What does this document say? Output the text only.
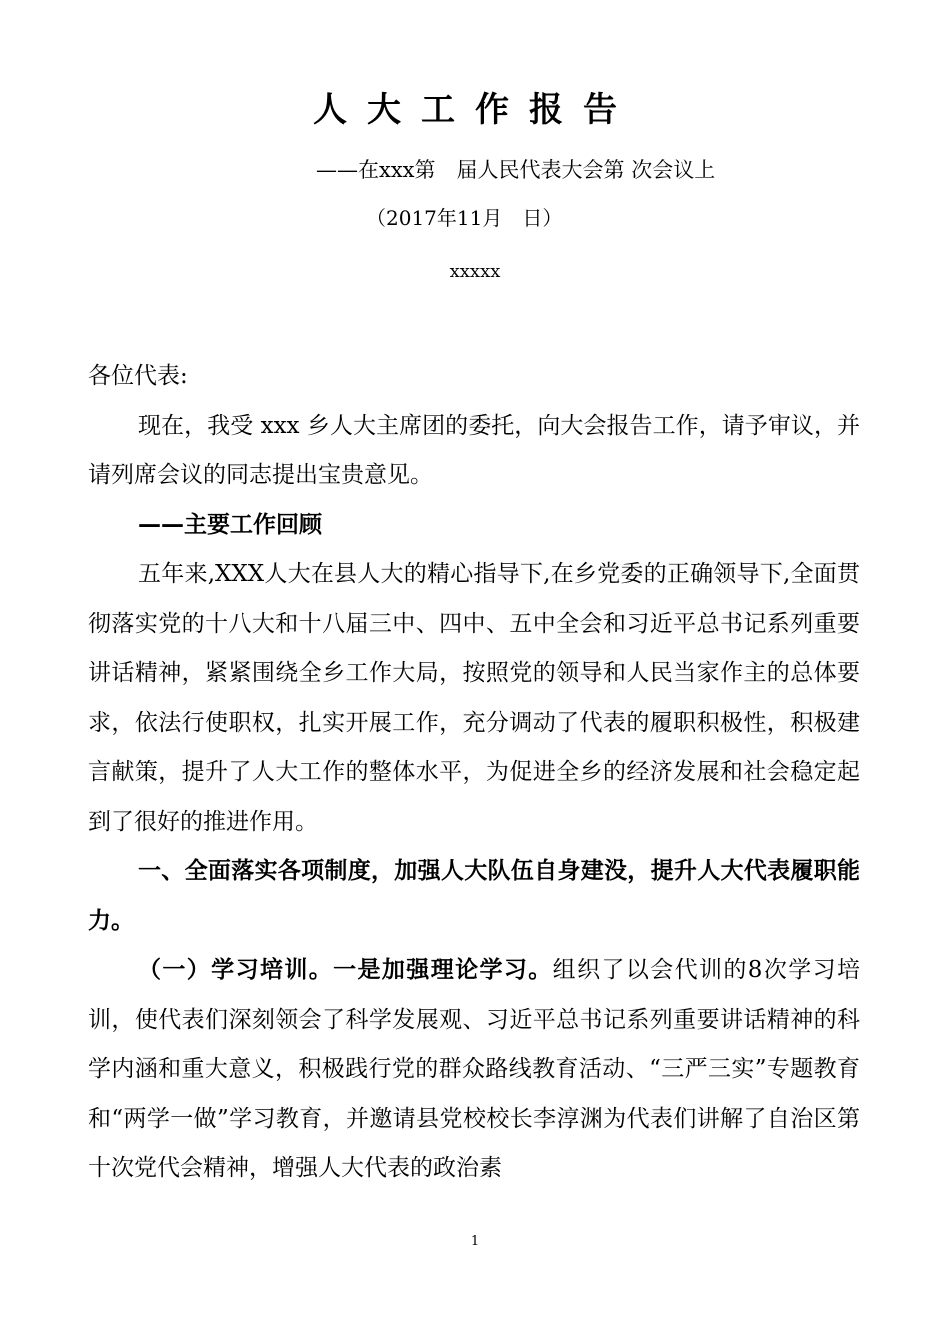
人大工作报告
——在xxx第　届人民代表大会第 次会议上
（2017年11月　日）
xxxxx

各位代表:

现在，我受 xxx 乡人大主席团的委托，向大会报告工作，请予审议，并请列席会议的同志提出宝贵意见。

——主要工作回顾

五年来,XXX人大在县人大的精心指导下,在乡党委的正确领导下,全面贯彻落实党的十八大和十八届三中、四中、五中全会和习近平总书记系列重要讲话精神，紧紧围绕全乡工作大局，按照党的领导和人民当家作主的总体要求，依法行使职权，扎实开展工作，充分调动了代表的履职积极性，积极建言献策，提升了人大工作的整体水平，为促进全乡的经济发展和社会稳定起到了很好的推进作用。

一、全面落实各项制度，加强人大队伍自身建没，提升人大代表履职能力。

（一）学习培训。一是加强理论学习。组织了以会代训的8次学习培训，使代表们深刻领会了科学发展观、习近平总书记系列重要讲话精神的科学内涵和重大意义，积极践行党的群众路线教育活动、“三严三实”专题教育和“两学一做”学习教育，并邀请县党校校长李淳渊为代表们讲解了自治区第十次党代会精神，增强人大代表的政治素

1
